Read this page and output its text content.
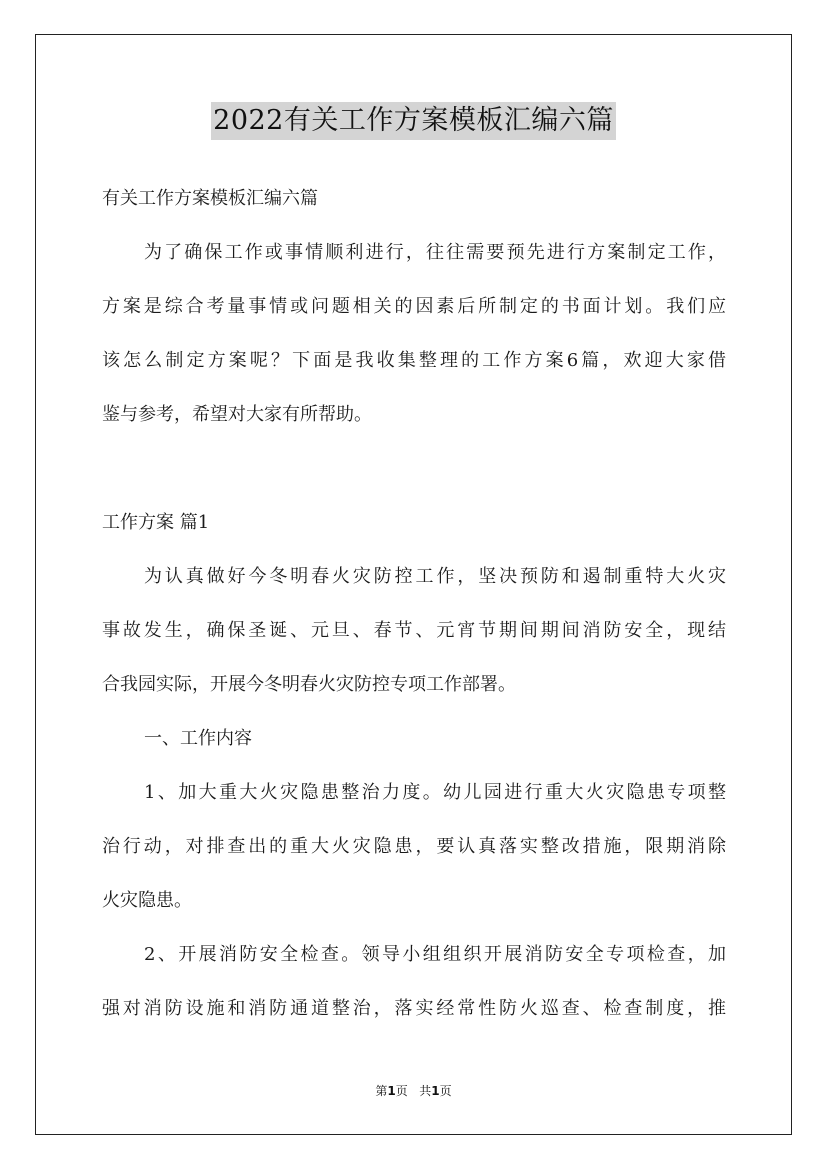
2022有关工作方案模板汇编六篇
有关工作方案模板汇编六篇
为了确保工作或事情顺利进行，往往需要预先进行方案制定工作，
方案是综合考量事情或问题相关的因素后所制定的书面计划。我们应
该怎么制定方案呢？下面是我收集整理的工作方案6篇，欢迎大家借
鉴与参考，希望对大家有所帮助。
工作方案 篇1
为认真做好今冬明春火灾防控工作，坚决预防和遏制重特大火灾
事故发生，确保圣诞、元旦、春节、元宵节期间期间消防安全，现结
合我园实际，开展今冬明春火灾防控专项工作部署。
一、工作内容
1、加大重大火灾隐患整治力度。幼儿园进行重大火灾隐患专项整
治行动，对排查出的重大火灾隐患，要认真落实整改措施，限期消除
火灾隐患。
2、开展消防安全检查。领导小组组织开展消防安全专项检查，加
强对消防设施和消防通道整治，落实经常性防火巡查、检查制度，推
第1页 共1页
